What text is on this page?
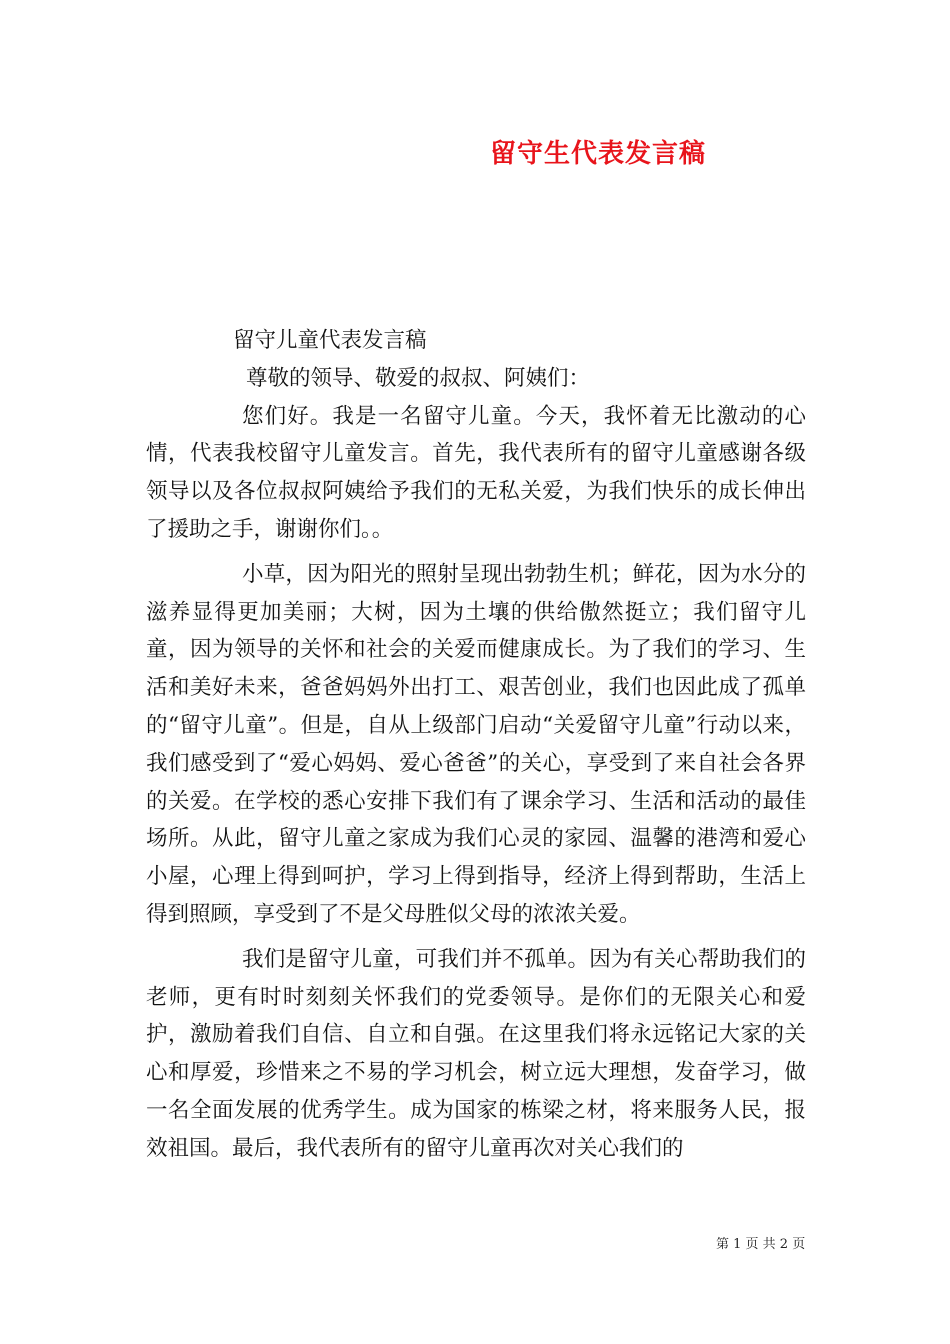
留守生代表发言稿

留守儿童代表发言稿

尊敬的领导、敬爱的叔叔、阿姨们：

您们好。我是一名留守儿童。今天，我怀着无比激动的心情，代表我校留守儿童发言。首先，我代表所有的留守儿童感谢各级领导以及各位叔叔阿姨给予我们的无私关爱，为我们快乐的成长伸出了援助之手，谢谢你们。。

小草，因为阳光的照射呈现出勃勃生机；鲜花，因为水分的滋养显得更加美丽；大树，因为土壤的供给傲然挺立；我们留守儿童，因为领导的关怀和社会的关爱而健康成长。为了我们的学习、生活和美好未来，爸爸妈妈外出打工、艰苦创业，我们也因此成了孤单的“留守儿童”。但是，自从上级部门启动“关爱留守儿童”行动以来，我们感受到了“爱心妈妈、爱心爸爸”的关心，享受到了来自社会各界的关爱。在学校的悉心安排下我们有了课余学习、生活和活动的最佳场所。从此，留守儿童之家成为我们心灵的家园、温馨的港湾和爱心小屋，心理上得到呵护，学习上得到指导，经济上得到帮助，生活上得到照顾，享受到了不是父母胜似父母的浓浓关爱。

我们是留守儿童，可我们并不孤单。因为有关心帮助我们的老师，更有时时刻刻关怀我们的党委领导。是你们的无限关心和爱护，激励着我们自信、自立和自强。在这里我们将永远铭记大家的关心和厚爱，珍惜来之不易的学习机会，树立远大理想，发奋学习，做一名全面发展的优秀学生。成为国家的栋梁之材，将来服务人民，报效祖国。最后，我代表所有的留守儿童再次对关心我们的

第 1 页 共 2 页
